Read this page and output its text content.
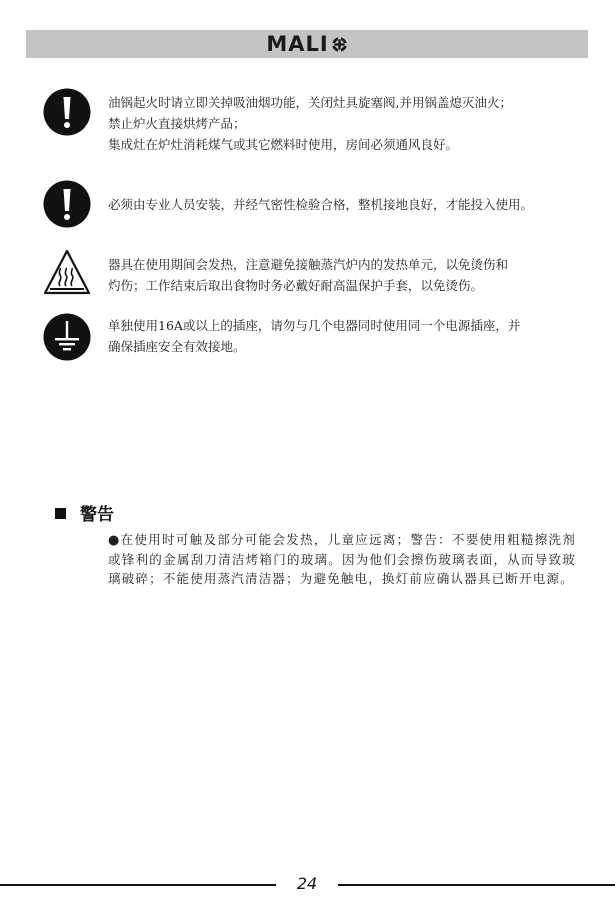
MALI

油锅起火时请立即关掉吸油烟功能，关闭灶具旋塞阀,并用锅盖熄灭油火；

禁止炉火直接烘烤产品；

集成灶在炉灶消耗煤气或其它燃料时使用，房间必须通风良好。

必须由专业人员安装，并经气密性检验合格，整机接地良好，才能投入使用。

器具在使用期间会发热，注意避免接触蒸汽炉内的发热单元，以免烫伤和

灼伤；工作结束后取出食物时务必戴好耐高温保护手套，以免烫伤。

单独使用16A或以上的插座，请勿与几个电器同时使用同一个电源插座，并

确保插座安全有效接地。

警告
●在使用时可触及部分可能会发热，儿童应远离；警告：不要使用粗糙擦洗剂或锋利的金属刮刀清洁烤箱门的玻璃。因为他们会擦伤玻璃表面，从而导致玻璃破碎；不能使用蒸汽清洁器；为避免触电，换灯前应确认器具已断开电源。
24
